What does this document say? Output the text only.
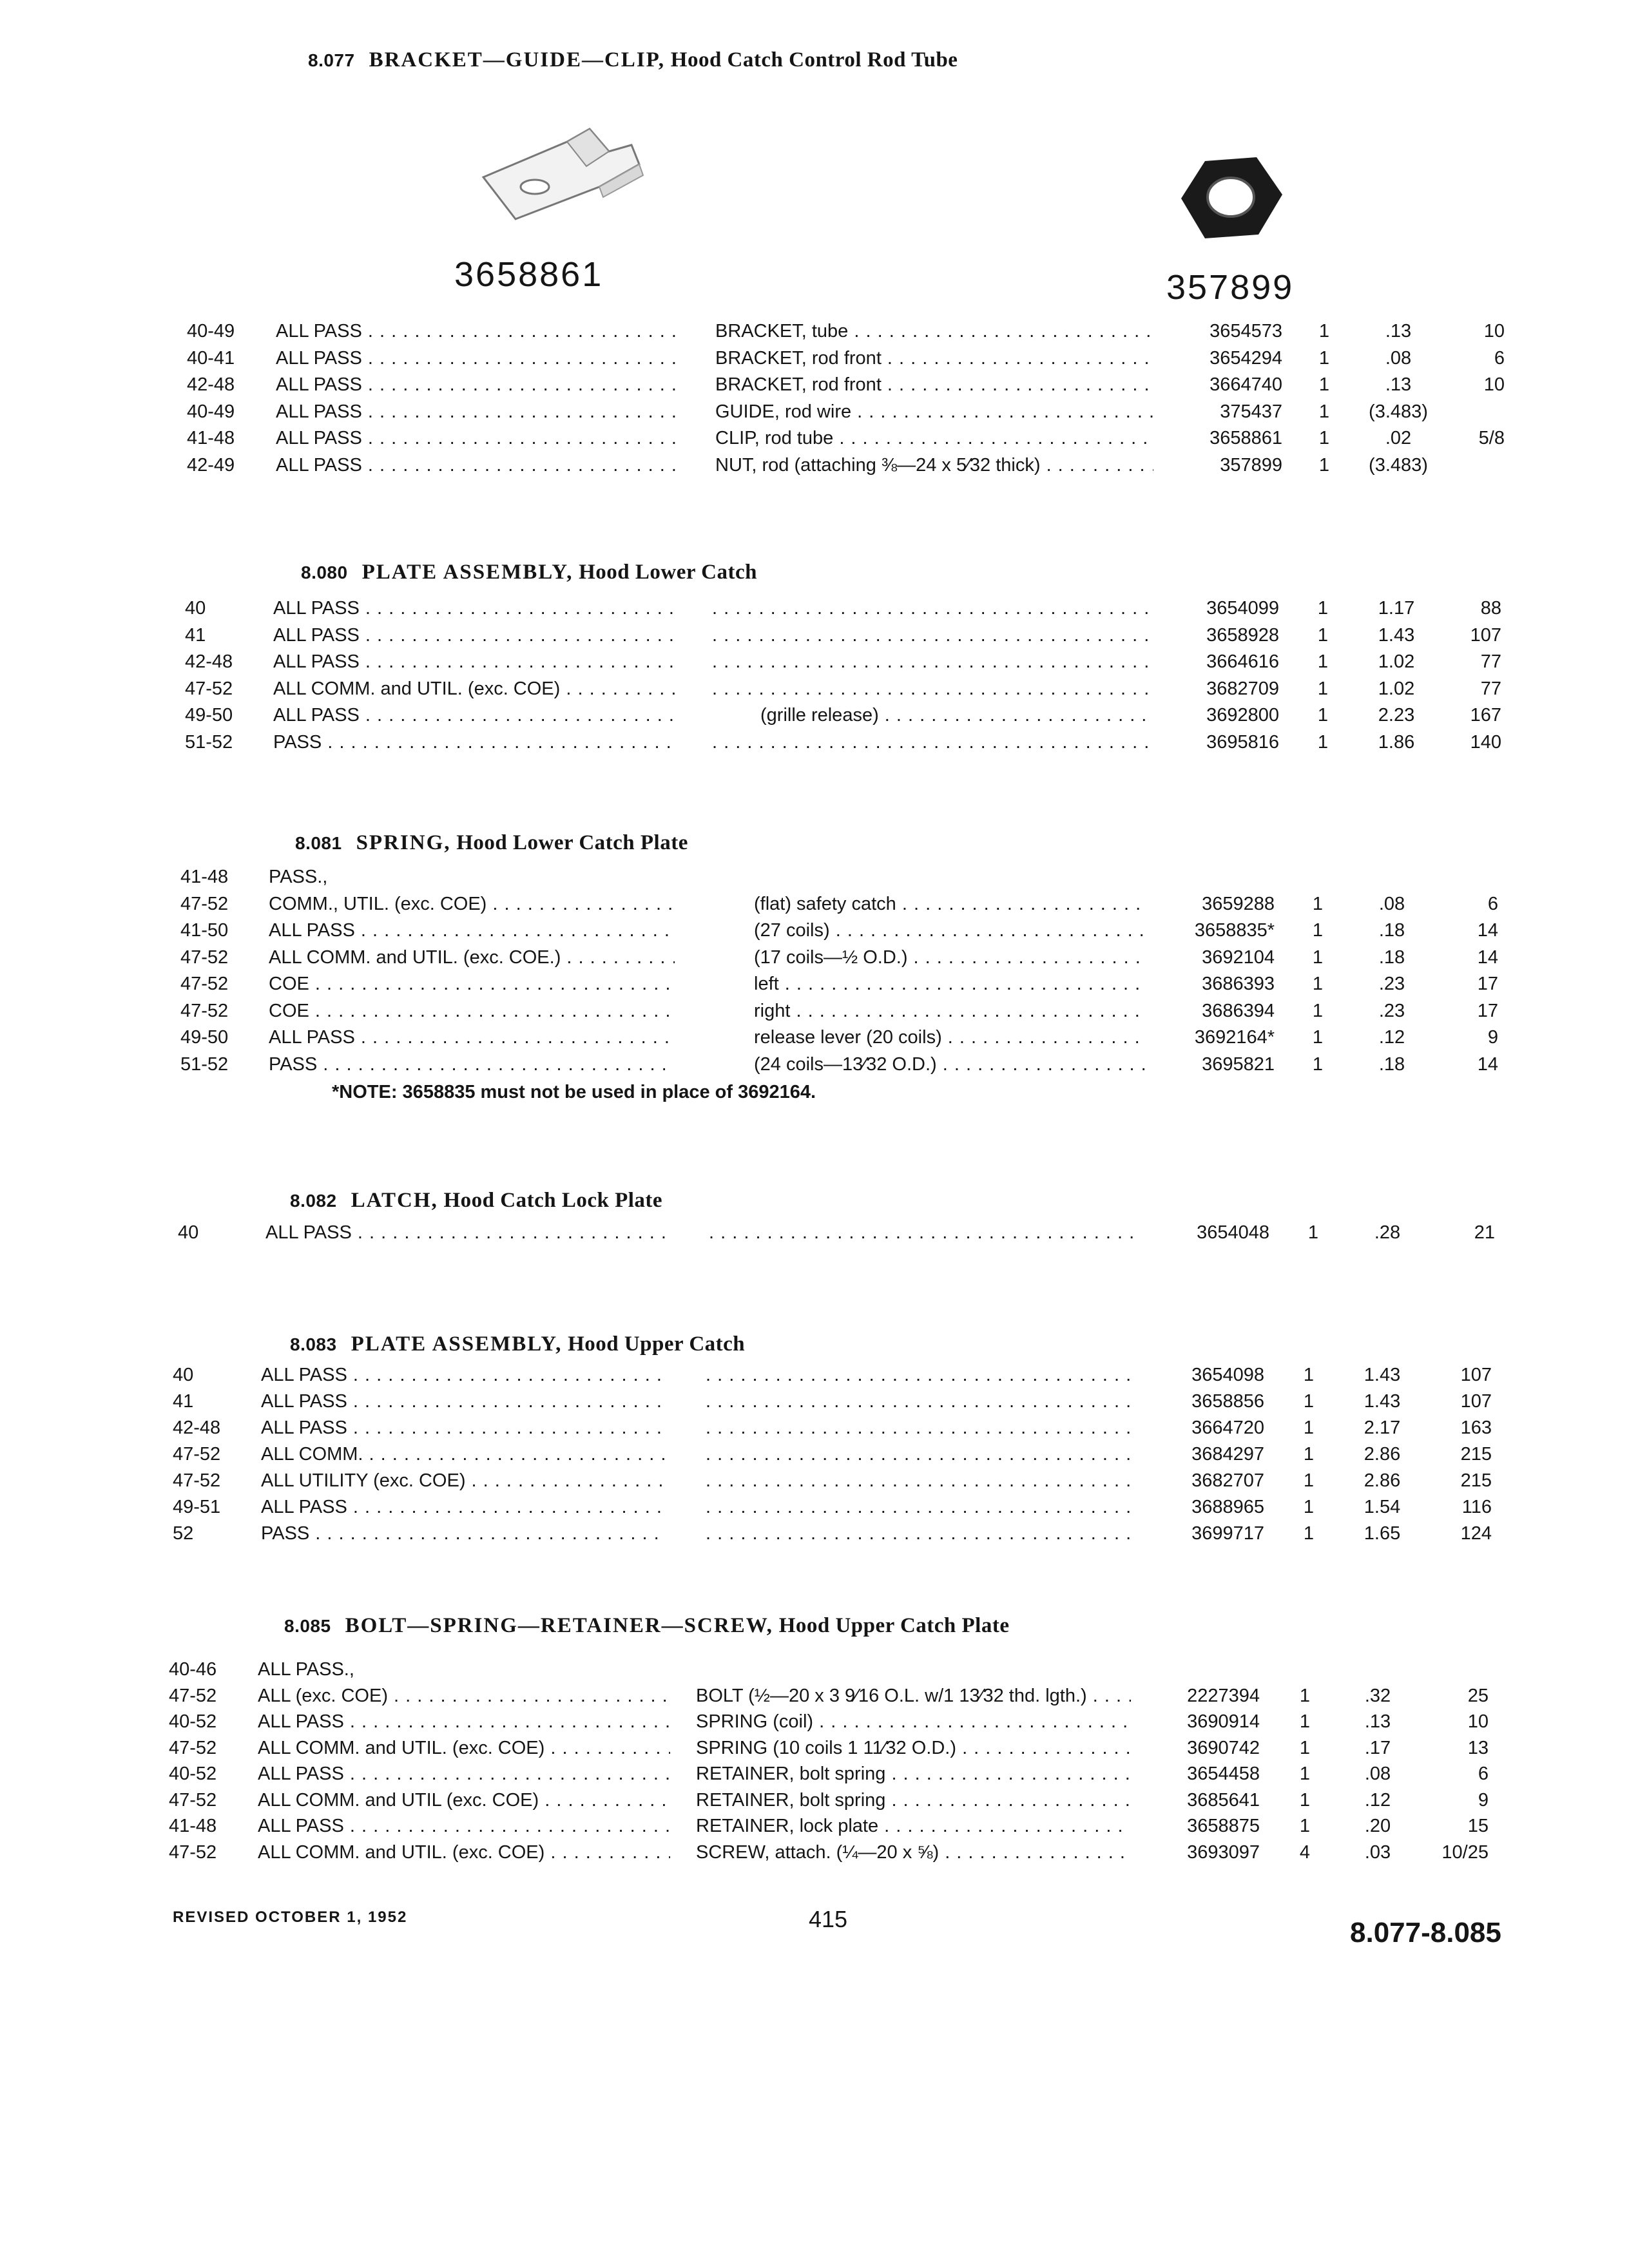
3658861	357899
8.077 BRACKET—GUIDE—CLIP, Hood Catch Control Rod Tube
40-49 ALL PASS . . .	BRACKET, tube . . .	3654573 1	.13	10
40-41 ALL PASS . . .	BRACKET, rod front . . .	3654294 1	.08	6
42-48 ALL PASS . . .	BRACKET, rod front . . .	3664740 1	.13	10
40-49 ALL PASS . . .	GUIDE, rod wire . . .	375437 1	(3.483)
41-48 ALL PASS . . .	CLIP, rod tube . . .	3658861 1	.02	5/8
42-49 ALL PASS . . .	NUT, rod (attaching ⅜—24 x 5⁄32 thick) . . .	357899 1	(3.483)
8.080 PLATE ASSEMBLY, Hood Lower Catch
40	ALL PASS . . . . . .	3654099 1	1.17	88
41	ALL PASS . . . . . .	3658928 1	1.43	107
42-48 ALL PASS . . . . . .	3664616 1	1.02	77
47-52 ALL COMM. and UTIL. (exc. COE) . . . . . .	3682709 1	1.02	77
49-50 ALL PASS . . .	(grille release) . . .	3692800 1	2.23	167
51-52 PASS . . . . . .	3695816 1	1.86	140
8.081 SPRING, Hood Lower Catch Plate
41-48 PASS.,
47-52 COMM., UTIL. (exc. COE) . . .	(flat) safety catch . . .	3659288 1	.08	6
41-50 ALL PASS . . .	(27 coils) . . .	3658835* 1	.18	14
47-52 ALL COMM. and UTIL. (exc. COE.) . . .	(17 coils—½ O.D.) . . .	3692104 1	.18	14
47-52 COE . . .	left . . .	3686393 1	.23	17
47-52 COE . . .	right . . .	3686394 1	.23	17
49-50 ALL PASS . . .	release lever (20 coils) . . .	3692164* 1	.12	9
51-52 PASS . . .	(24 coils—13⁄32 O.D.) . . .	3695821 1	.18	14
*NOTE: 3658835 must not be used in place of 3692164.
8.082 LATCH, Hood Catch Lock Plate
40	ALL PASS . . . . . .	3654048 1	.28	21
8.083 PLATE ASSEMBLY, Hood Upper Catch
40	ALL PASS . . . . . .	3654098 1	1.43	107
41	ALL PASS . . . . . .	3658856 1	1.43	107
42-48 ALL PASS . . . . . .	3664720 1	2.17	163
47-52 ALL COMM. . . . . . .	3684297 1	2.86	215
47-52 ALL UTILITY (exc. COE) . . . . . .	3682707 1	2.86	215
49-51 ALL PASS . . . . . .	3688965 1	1.54	116
52	PASS . . . . . .	3699717 1	1.65	124
8.085 BOLT—SPRING—RETAINER—SCREW, Hood Upper Catch Plate
40-46 ALL PASS.,
47-52 ALL (exc. COE) . . .	BOLT (½—20 x 3 9⁄16 O.L. w/1 13⁄32 thd. lgth.) . . .	2227394 1	.32	25
40-52 ALL PASS . . .	SPRING (coil) . . .	3690914 1	.13	10
47-52 ALL COMM. and UTIL. (exc. COE) . . .	SPRING (10 coils 1 11⁄32 O.D.) . . .	3690742 1	.17	13
40-52 ALL PASS . . .	RETAINER, bolt spring . . .	3654458 1	.08	6
47-52 ALL COMM. and UTIL (exc. COE) . . .	RETAINER, bolt spring . . .	3685641 1	.12	9
41-48 ALL PASS . . .	RETAINER, lock plate . . .	3658875 1	.20	15
47-52 ALL COMM. and UTIL. (exc. COE) . . .	SCREW, attach. (¼—20 x ⅝) . . .	3693097 4	.03	10/25
REVISED OCTOBER 1, 1952	415	8.077-8.085
